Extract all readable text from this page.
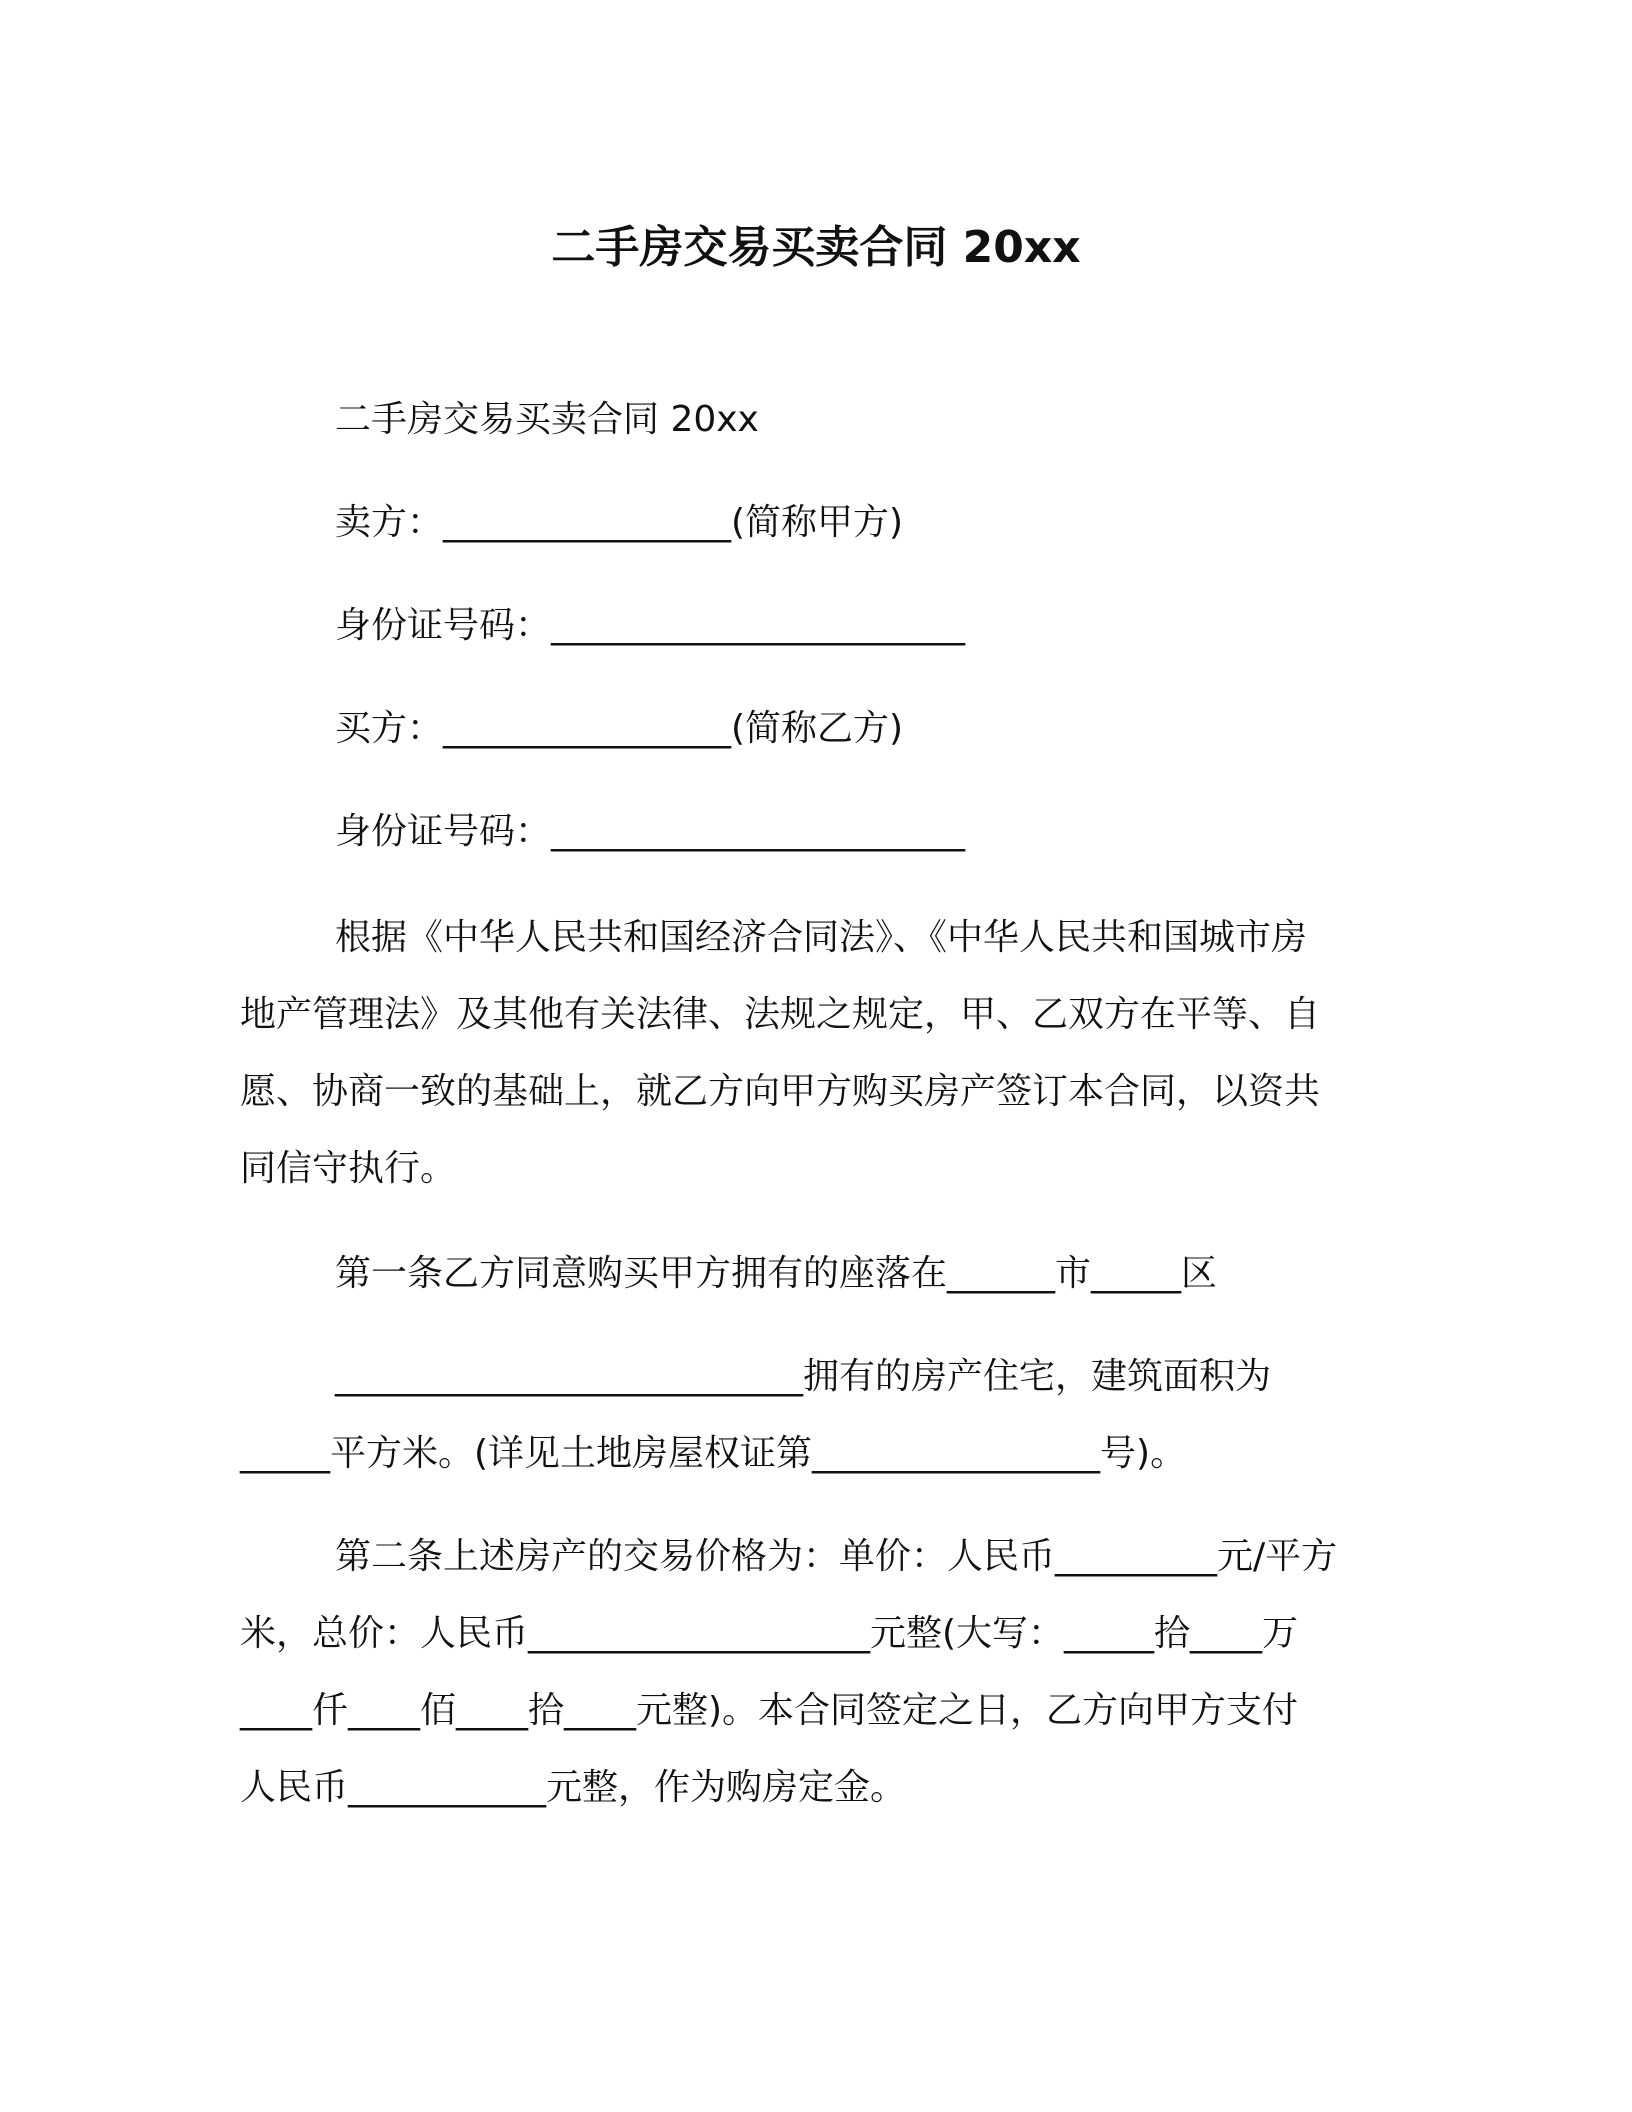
二手房交易买卖合同 20xx
二手房交易买卖合同 20xx
卖方：________________(简称甲方)
身份证号码：_______________________
买方：________________(简称乙方)
身份证号码：_______________________
根据《中华人民共和国经济合同法》、《中华人民共和国城市房
地产管理法》及其他有关法律、法规之规定，甲、乙双方在平等、自
愿、协商一致的基础上，就乙方向甲方购买房产签订本合同，以资共
同信守执行。
第一条乙方同意购买甲方拥有的座落在______市_____区
__________________________拥有的房产住宅，建筑面积为
_____平方米。(详见土地房屋权证第________________号)。
第二条上述房产的交易价格为：单价：人民币_________元/平方
米，总价：人民币___________________元整(大写：_____拾____万
____仟____佰____拾____元整)。本合同签定之日，乙方向甲方支付
人民币___________元整，作为购房定金。
